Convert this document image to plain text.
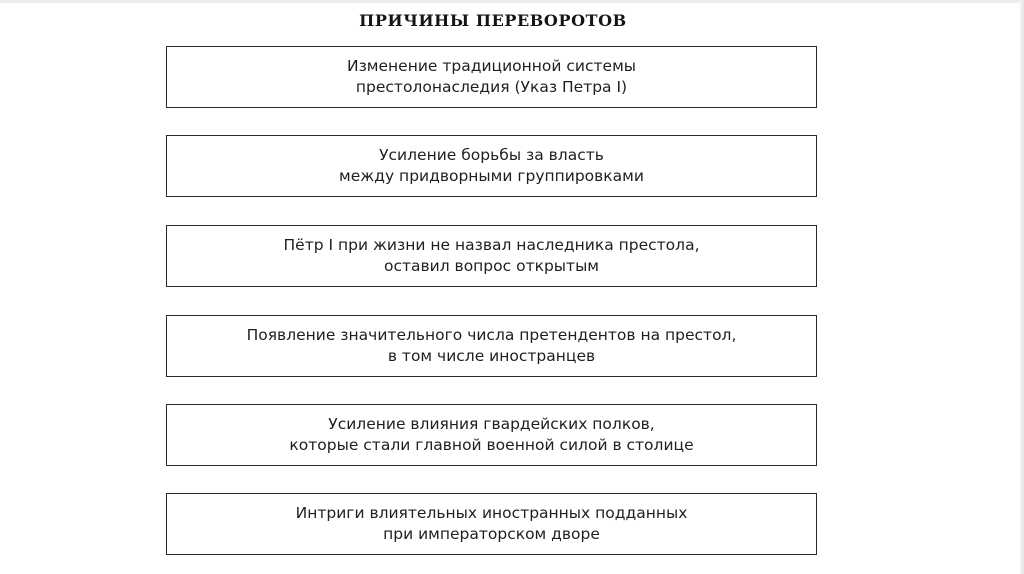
ПРИЧИНЫ ПЕРЕВОРОТОВ
Изменение традиционной системы
престолонаследия (Указ Петра I)
Усиление борьбы за власть
между придворными группировками
Пётр I при жизни не назвал наследника престола,
оставил вопрос открытым
Появление значительного числа претендентов на престол,
в том числе иностранцев
Усиление влияния гвардейских полков,
которые стали главной военной силой в столице
Интриги влиятельных иностранных подданных
при императорском дворе
